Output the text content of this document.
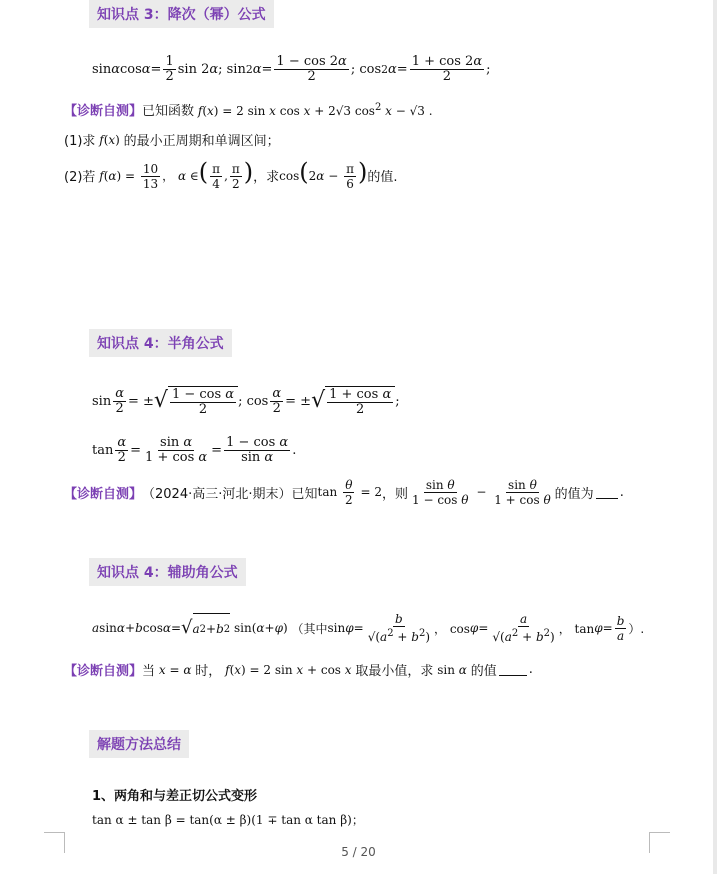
知识点 3：降次（幂）公式
sin α $\cos \alpha = \frac{1}{2}$ sin 2 α ; sin 2 $\alpha = \frac{1 - \cos 2\alpha}{2}$ ; cos 2 $\alpha = \frac{1 + \cos 2\alpha}{2}$ ;
【诊断自测】 已知函数 f(x) = 2 sin x cos x + 2√3 $\cos^2 x - √3$ .
(1)求 f(x) 的最小正周期和单调区间；
(2)若 $f(\alpha) = \frac{10}{13}$ ， α ∈( $\frac{\pi}{4}$ , $\frac{\pi}{2}$ ) ，求 $\cos(2\alpha - \frac{\pi}{6}$ ) 的值.
知识点 4：半角公式
$\sin \frac{\alpha}{2}$ = ± √ $\frac{\text{1 − cos α}}{2}$ ; $\cos \frac{\alpha}{2}$ = ± √ $\frac{\text{1 + cos α}}{2}$ ;
$\tan \frac{\alpha}{2} = \frac{\text{sin α}}{\text{1 + cos α}} = \frac{\text{1 − cos α}}{\text{sin α}}$ .
【诊断自测】 （2024·高三·河北·期末）已知 $\tan \frac{\theta}{2} = 2$ ，则 $\frac{\text{sin θ}}{\text{1 − cos θ}} - \frac{\text{sin θ}}{\text{1 + cos θ}}$ 的值为 .
知识点 4：辅助角公式
a sin α + b cos α = √ a 2 + b 2 sin( α + φ ) （其中 $\sin \varphi = \frac{b}{√(a^2 + b^2)}$ ， $\cos \varphi = \frac{a}{√(a^2 + b^2)}$ ， $\tan \varphi = \frac{b}{a}$ ）.
【诊断自测】 当 x = α 时， f(x) = 2 sin x + cos x 取最小值，求 sin α 的值 .
解题方法总结
1、两角和与差正切公式变形
tan α ± tan β = tan(α ± β)(1 ∓ tan α tan β)；
5 / 20
